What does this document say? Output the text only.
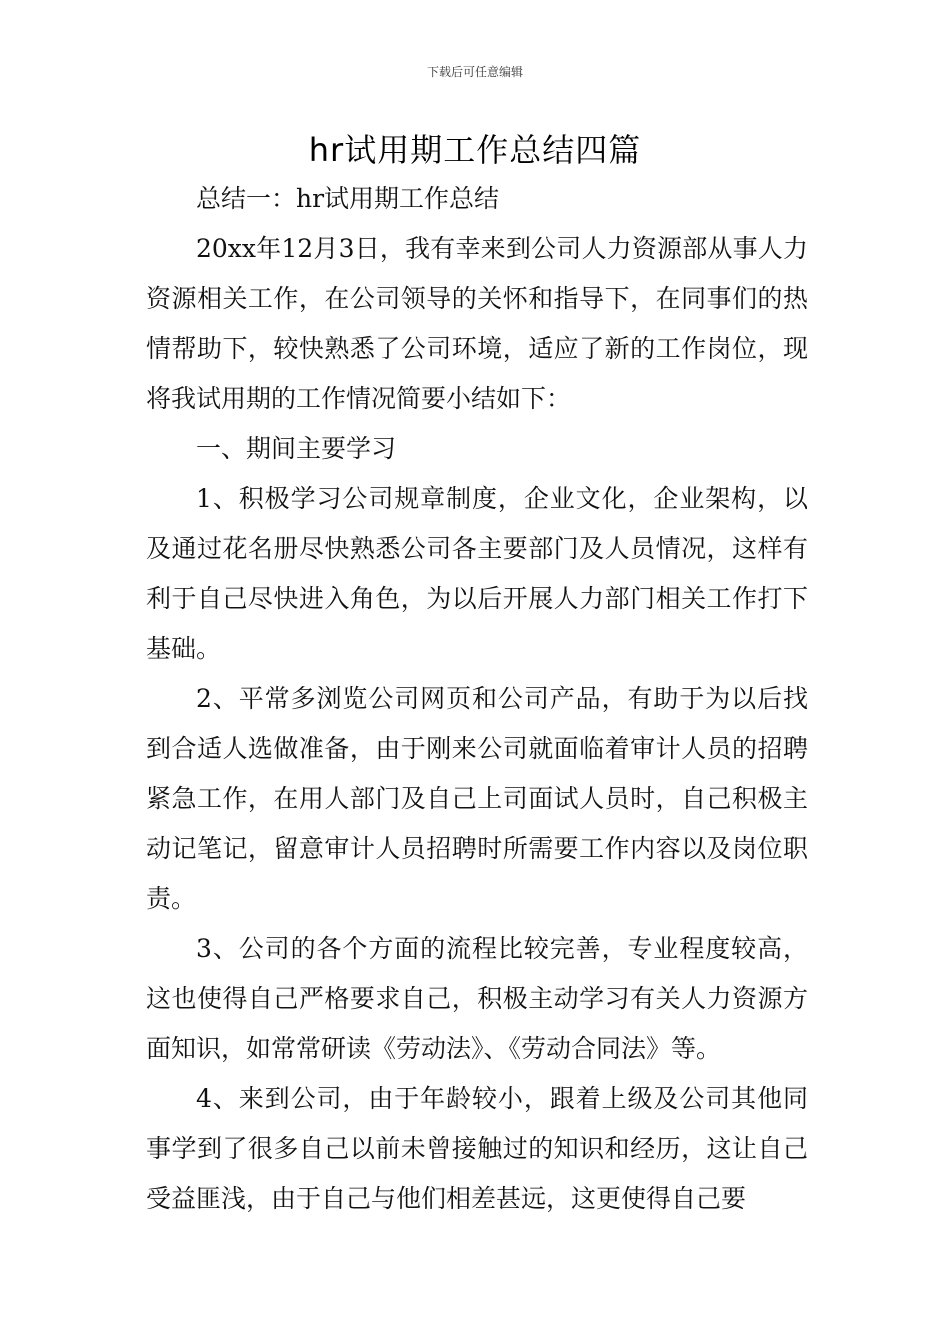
下载后可任意编辑
hr试用期工作总结四篇

总结一：hr试用期工作总结

20xx年12月3日，我有幸来到公司人力资源部从事人力资源相关工作，在公司领导的关怀和指导下，在同事们的热情帮助下，较快熟悉了公司环境，适应了新的工作岗位，现将我试用期的工作情况简要小结如下：

一、期间主要学习

1、积极学习公司规章制度，企业文化，企业架构，以及通过花名册尽快熟悉公司各主要部门及人员情况，这样有利于自己尽快进入角色，为以后开展人力部门相关工作打下基础。

2、平常多浏览公司网页和公司产品，有助于为以后找到合适人选做准备，由于刚来公司就面临着审计人员的招聘紧急工作，在用人部门及自己上司面试人员时，自己积极主动记笔记，留意审计人员招聘时所需要工作内容以及岗位职责。

3、公司的各个方面的流程比较完善，专业程度较高，这也使得自己严格要求自己，积极主动学习有关人力资源方面知识，如常常研读《劳动法》、《劳动合同法》等。

4、来到公司，由于年龄较小，跟着上级及公司其他同事学到了很多自己以前未曾接触过的知识和经历，这让自己受益匪浅，由于自己与他们相差甚远，这更使得自己要
